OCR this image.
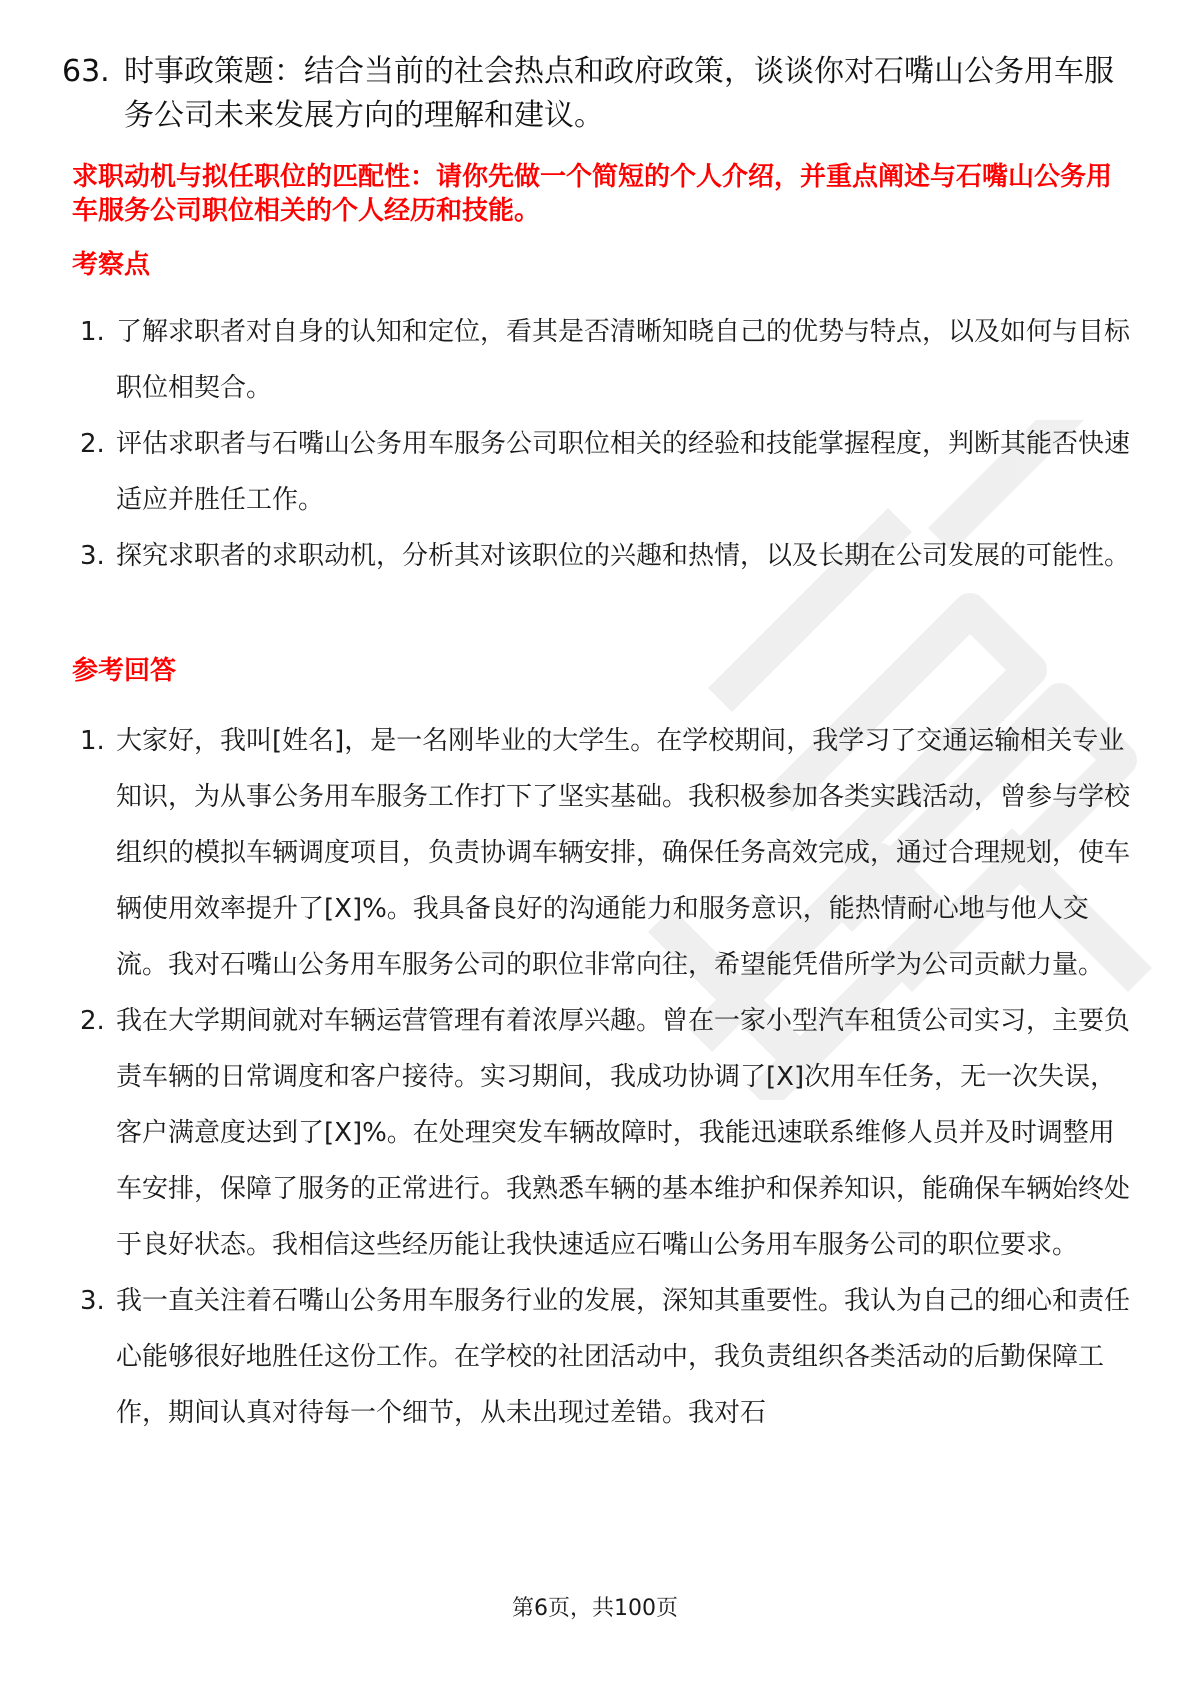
63. 时事政策题：结合当前的社会热点和政府政策，谈谈你对石嘴山公务用车服务公司未来发展方向的理解和建议。
求职动机与拟任职位的匹配性：请你先做一个简短的个人介绍，并重点阐述与石嘴山公务用车服务公司职位相关的个人经历和技能。
考察点
1. 了解求职者对自身的认知和定位，看其是否清晰知晓自己的优势与特点，以及如何与目标职位相契合。
2. 评估求职者与石嘴山公务用车服务公司职位相关的经验和技能掌握程度，判断其能否快速适应并胜任工作。
3. 探究求职者的求职动机，分析其对该职位的兴趣和热情，以及长期在公司发展的可能性。
参考回答
1. 大家好，我叫[姓名]，是一名刚毕业的大学生。在学校期间，我学习了交通运输相关专业知识，为从事公务用车服务工作打下了坚实基础。我积极参加各类实践活动，曾参与学校组织的模拟车辆调度项目，负责协调车辆安排，确保任务高效完成，通过合理规划，使车辆使用效率提升了[X]%。我具备良好的沟通能力和服务意识，能热情耐心地与他人交流。我对石嘴山公务用车服务公司的职位非常向往，希望能凭借所学为公司贡献力量。
2. 我在大学期间就对车辆运营管理有着浓厚兴趣。曾在一家小型汽车租赁公司实习，主要负责车辆的日常调度和客户接待。实习期间，我成功协调了[X]次用车任务，无一次失误，客户满意度达到了[X]%。在处理突发车辆故障时，我能迅速联系维修人员并及时调整用车安排，保障了服务的正常进行。我熟悉车辆的基本维护和保养知识，能确保车辆始终处于良好状态。我相信这些经历能让我快速适应石嘴山公务用车服务公司的职位要求。
3. 我一直关注着石嘴山公务用车服务行业的发展，深知其重要性。我认为自己的细心和责任心能够很好地胜任这份工作。在学校的社团活动中，我负责组织各类活动的后勤保障工作，期间认真对待每一个细节，从未出现过差错。我对石
第6页，共100页
